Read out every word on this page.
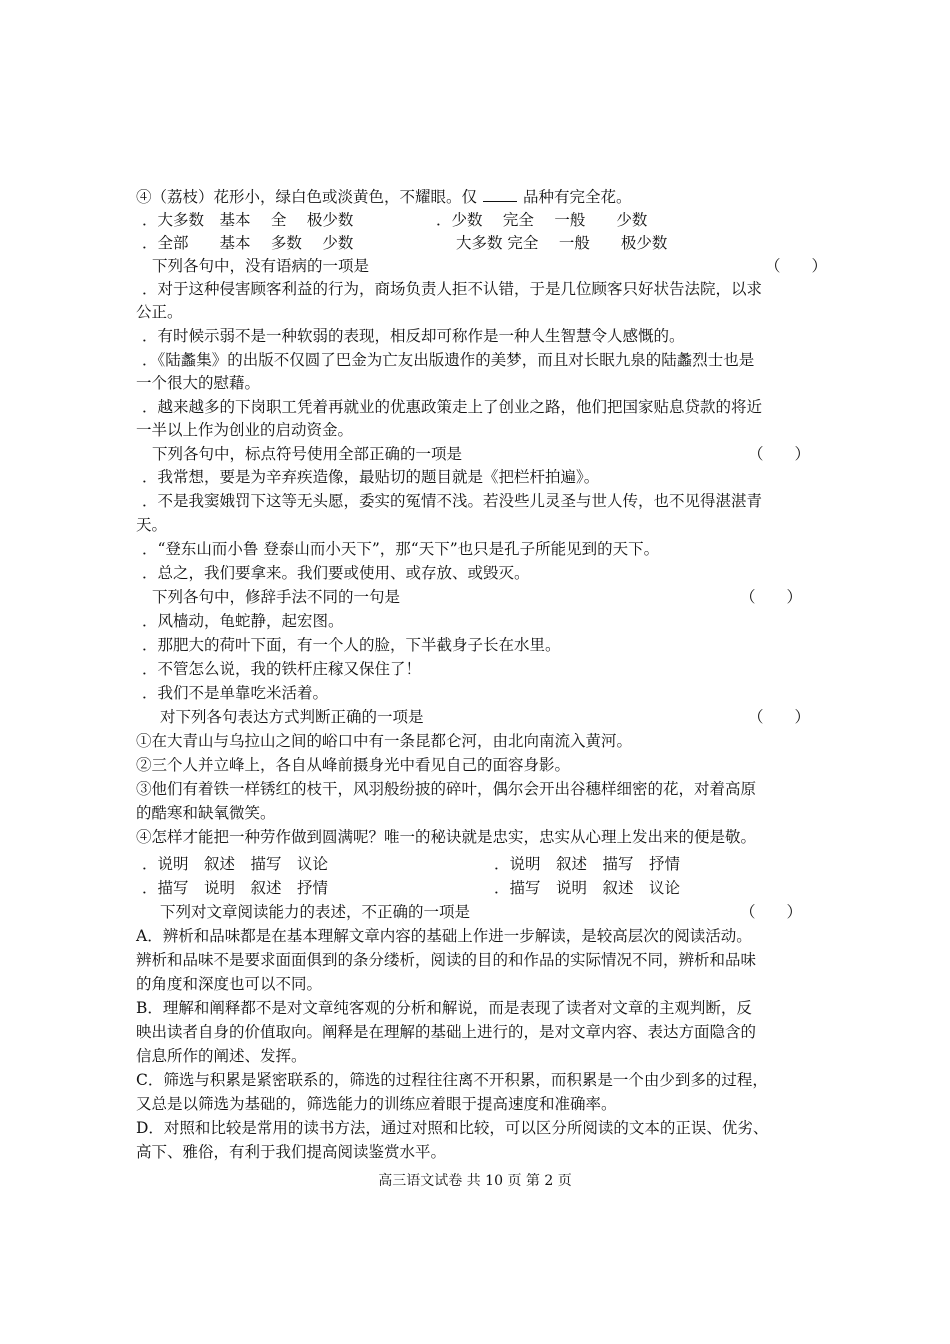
④（荔枝）花形小，绿白色或淡黄色，不耀眼。仅	品种有完全花。
．大多数　基本　 全　 极少数	．少数　 完全　 一般　　少数
．全部　　基本　 多数　 少数	大多数 完全　 一般　　极少数
下列各句中，没有语病的一项是	（　　）
．对于这种侵害顾客利益的行为，商场负责人拒不认错，于是几位顾客只好状告法院，以求
公正。
．有时候示弱不是一种软弱的表现，相反却可称作是一种人生智慧令人感慨的。
．《陆蠡集》的出版不仅圆了巴金为亡友出版遗作的美梦，而且对长眠九泉的陆蠡烈士也是
一个很大的慰藉。
．越来越多的下岗职工凭着再就业的优惠政策走上了创业之路，他们把国家贴息贷款的将近
一半以上作为创业的启动资金。
下列各句中，标点符号使用全部正确的一项是	（　　）
．我常想，要是为辛弃疾造像，最贴切的题目就是《把栏杆拍遍》。
．不是我窦娥罚下这等无头愿，委实的冤情不浅。若没些儿灵圣与世人传，也不见得湛湛青
天。
．“登东山而小鲁 登泰山而小天下”，那“天下”也只是孔子所能见到的天下。
．总之，我们要拿来。我们要或使用、或存放、或毁灭。
下列各句中，修辞手法不同的一句是	（　　）
．风樯动，龟蛇静，起宏图。
．那肥大的荷叶下面，有一个人的脸，下半截身子长在水里。
．不管怎么说，我的铁杆庄稼又保住了！
．我们不是单靠吃米活着。
对下列各句表达方式判断正确的一项是	（　　）
①在大青山与乌拉山之间的峪口中有一条昆都仑河，由北向南流入黄河。
②三个人并立峰上，各自从峰前摄身光中看见自己的面容身影。
③他们有着铁一样锈红的枝干，风羽般纷披的碎叶，偶尔会开出谷穗样细密的花，对着高原
的酷寒和缺氧微笑。
④怎样才能把一种劳作做到圆满呢？唯一的秘诀就是忠实，忠实从心理上发出来的便是敬。
．说明　叙述　描写　议论	．说明　叙述　描写　抒情
．描写　说明　叙述　抒情	．描写　说明　叙述　议论
下列对文章阅读能力的表述，不正确的一项是	（　　）
A．辨析和品味都是在基本理解文章内容的基础上作进一步解读，是较高层次的阅读活动。
辨析和品味不是要求面面俱到的条分缕析，阅读的目的和作品的实际情况不同，辨析和品味
的角度和深度也可以不同。
B．理解和阐释都不是对文章纯客观的分析和解说，而是表现了读者对文章的主观判断，反
映出读者自身的价值取向。阐释是在理解的基础上进行的，是对文章内容、表达方面隐含的
信息所作的阐述、发挥。
C．筛选与积累是紧密联系的，筛选的过程往往离不开积累，而积累是一个由少到多的过程，
又总是以筛选为基础的，筛选能力的训练应着眼于提高速度和准确率。
D．对照和比较是常用的读书方法，通过对照和比较，可以区分所阅读的文本的正误、优劣、
高下、雅俗，有利于我们提高阅读鉴赏水平。
高三语文试卷 共 10 页 第 2 页
